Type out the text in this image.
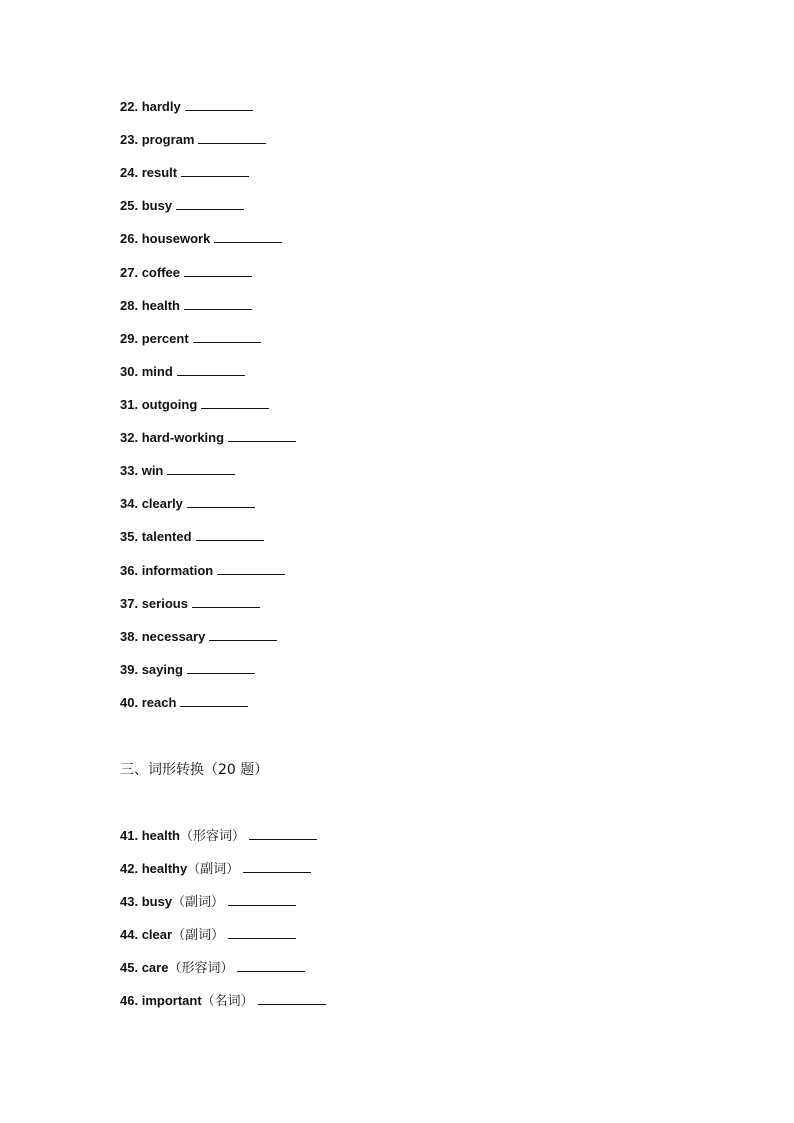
22. hardly
23. program
24. result
25. busy
26. housework
27. coffee
28. health
29. percent
30. mind
31. outgoing
32. hard-working
33. win
34. clearly
35. talented
36. information
37. serious
38. necessary
39. saying
40. reach
三、词形转换（20 题）
41. health（形容词）
42. healthy（副词）
43. busy（副词）
44. clear（副词）
45. care（形容词）
46. important（名词）
